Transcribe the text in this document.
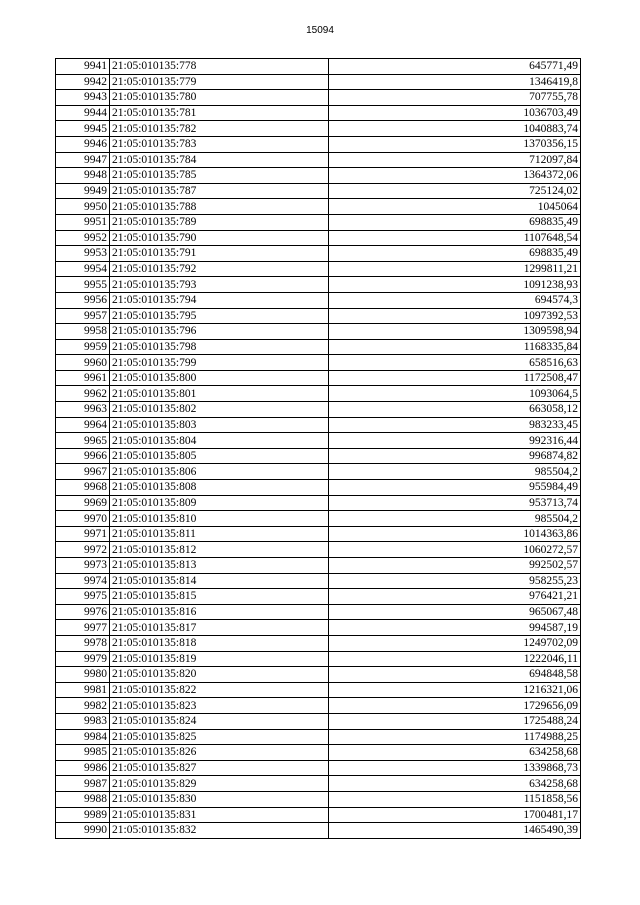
15094
9941	21:05:010135:778	645771,49
9942	21:05:010135:779	1346419,8
9943	21:05:010135:780	707755,78
9944	21:05:010135:781	1036703,49
9945	21:05:010135:782	1040883,74
9946	21:05:010135:783	1370356,15
9947	21:05:010135:784	712097,84
9948	21:05:010135:785	1364372,06
9949	21:05:010135:787	725124,02
9950	21:05:010135:788	1045064
9951	21:05:010135:789	698835,49
9952	21:05:010135:790	1107648,54
9953	21:05:010135:791	698835,49
9954	21:05:010135:792	1299811,21
9955	21:05:010135:793	1091238,93
9956	21:05:010135:794	694574,3
9957	21:05:010135:795	1097392,53
9958	21:05:010135:796	1309598,94
9959	21:05:010135:798	1168335,84
9960	21:05:010135:799	658516,63
9961	21:05:010135:800	1172508,47
9962	21:05:010135:801	1093064,5
9963	21:05:010135:802	663058,12
9964	21:05:010135:803	983233,45
9965	21:05:010135:804	992316,44
9966	21:05:010135:805	996874,82
9967	21:05:010135:806	985504,2
9968	21:05:010135:808	955984,49
9969	21:05:010135:809	953713,74
9970	21:05:010135:810	985504,2
9971	21:05:010135:811	1014363,86
9972	21:05:010135:812	1060272,57
9973	21:05:010135:813	992502,57
9974	21:05:010135:814	958255,23
9975	21:05:010135:815	976421,21
9976	21:05:010135:816	965067,48
9977	21:05:010135:817	994587,19
9978	21:05:010135:818	1249702,09
9979	21:05:010135:819	1222046,11
9980	21:05:010135:820	694848,58
9981	21:05:010135:822	1216321,06
9982	21:05:010135:823	1729656,09
9983	21:05:010135:824	1725488,24
9984	21:05:010135:825	1174988,25
9985	21:05:010135:826	634258,68
9986	21:05:010135:827	1339868,73
9987	21:05:010135:829	634258,68
9988	21:05:010135:830	1151858,56
9989	21:05:010135:831	1700481,17
9990	21:05:010135:832	1465490,39
